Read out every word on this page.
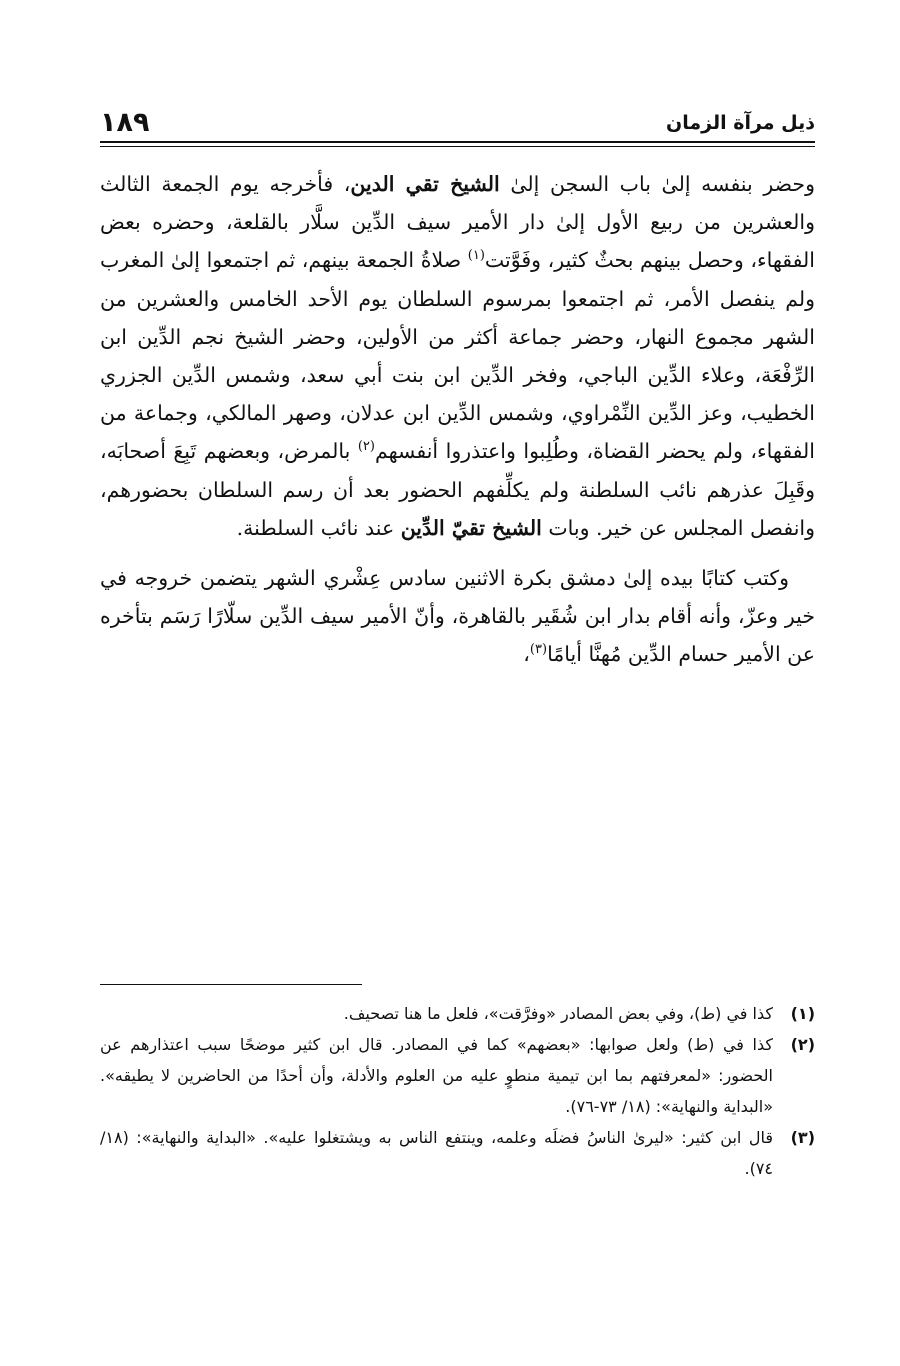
ذيل مرآة الزمان
١٨٩

وحضر بنفسه إلىٰ باب السجن إلىٰ الشيخ تقي الدين، فأخرجه يوم الجمعة الثالث والعشرين من ربيع الأول إلىٰ دار الأمير سيف الدِّين سلَّار بالقلعة، وحضره بعض الفقهاء، وحصل بينهم بحثٌ كثير، وفَوَّتت$^{(١)}$ صلاةُ الجمعة بينهم، ثم اجتمعوا إلىٰ المغرب ولم ينفصل الأمر، ثم اجتمعوا بمرسوم السلطان يوم الأحد الخامس والعشرين من الشهر مجموع النهار، وحضر جماعة أكثر من الأولين، وحضر الشيخ نجم الدِّين ابن الرِّفْعَة، وعلاء الدِّين الباجي، وفخر الدِّين ابن بنت أبي سعد، وشمس الدِّين الجزري الخطيب، وعز الدِّين النِّمْراوي، وشمس الدِّين ابن عدلان، وصهر المالكي، وجماعة من الفقهاء، ولم يحضر القضاة، وطُلِبوا واعتذروا أنفسهم$^{(٢)}$ بالمرض، وبعضهم تَبِعَ أصحابَه، وقَبِلَ عذرهم نائب السلطنة ولم يكلِّفهم الحضور بعد أن رسم السلطان بحضورهم، وانفصل المجلس عن خير. وبات الشيخ تقيّ الدِّين عند نائب السلطنة.

وكتب كتابًا بيده إلىٰ دمشق بكرة الاثنين سادس عِشْري الشهر يتضمن خروجه في خير وعزّ، وأنه أقام بدار ابن شُقَير بالقاهرة، وأنّ الأمير سيف الدِّين سلّارًا رَسَم بتأخره عن الأمير حسام الدِّين مُهنَّا أيامًا$^{(٣)}$،

(١)
كذا في (ط)، وفي بعض المصادر «وفرَّقت»، فلعل ما هنا تصحيف.
(٢)
كذا في (ط) ولعل صوابها: «بعضهم» كما في المصادر. قال ابن كثير موضحًا سبب اعتذارهم عن الحضور: «لمعرفتهم بما ابن تيمية منطوٍ عليه من العلوم والأدلة، وأن أحدًا من الحاضرين لا يطيقه». «البداية والنهاية»: (١٨/ ٧٣-٧٦).
(٣)
قال ابن كثير: «ليرىٰ الناسُ فضلَه وعلمه، وينتفع الناس به ويشتغلوا عليه». «البداية والنهاية»: (١٨/ ٧٤).
